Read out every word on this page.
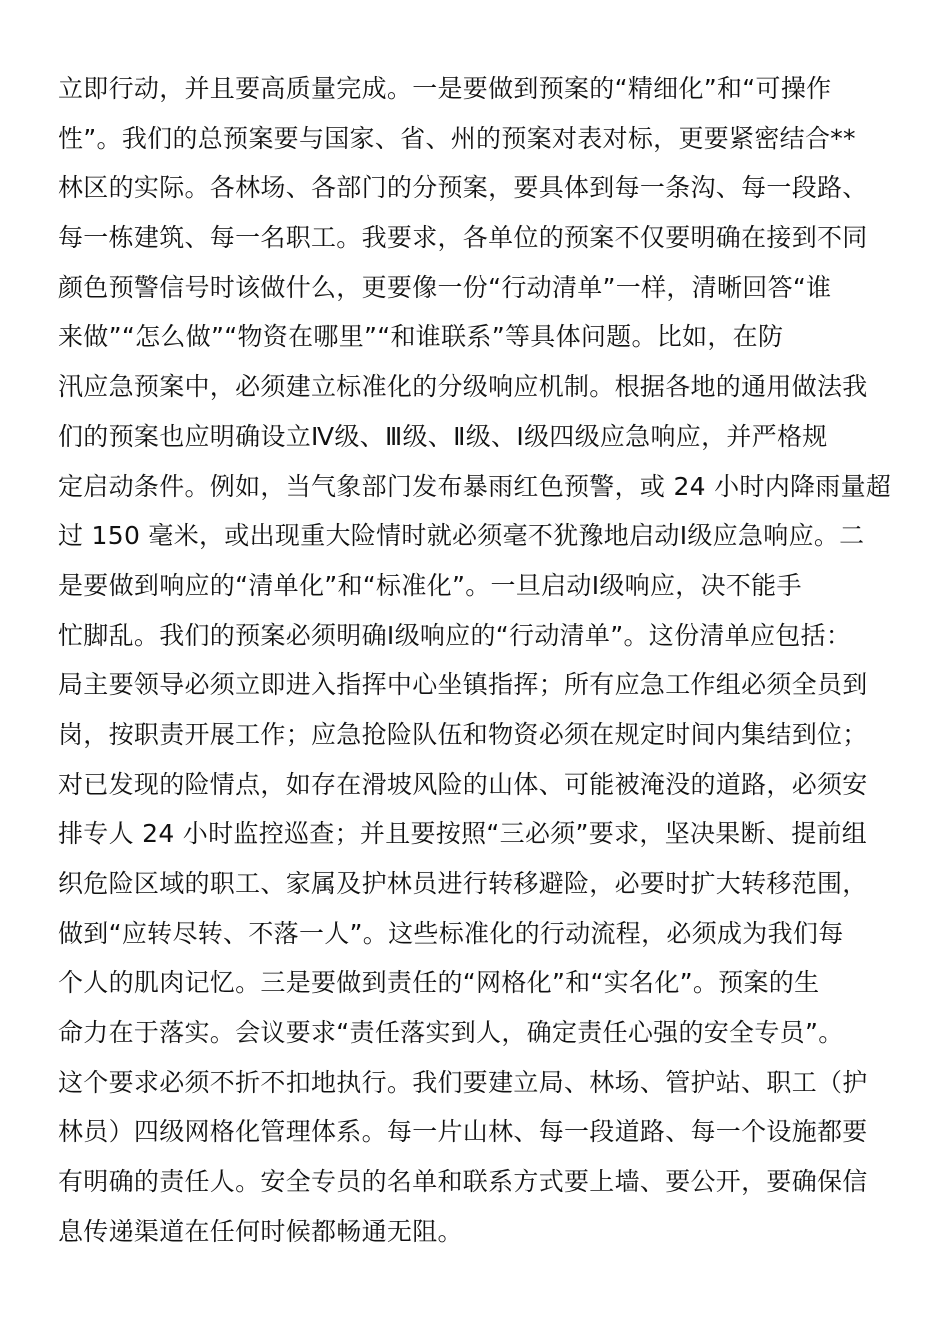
立即行动，并且要高质量完成。一是要做到预案的“精细化”和“可操作
性”。我们的总预案要与国家、省、州的预案对表对标，更要紧密结合**
林区的实际。各林场、各部门的分预案，要具体到每一条沟、每一段路、
每一栋建筑、每一名职工。我要求，各单位的预案不仅要明确在接到不同
颜色预警信号时该做什么，更要像一份“行动清单”一样，清晰回答“谁
来做”“怎么做”“物资在哪里”“和谁联系”等具体问题。比如，在防
汛应急预案中，必须建立标准化的分级响应机制。根据各地的通用做法我
们的预案也应明确设立Ⅳ级、Ⅲ级、Ⅱ级、Ⅰ级四级应急响应，并严格规
定启动条件。例如，当气象部门发布暴雨红色预警，或 24 小时内降雨量超
过 150 毫米，或出现重大险情时就必须毫不犹豫地启动Ⅰ级应急响应。二
是要做到响应的“清单化”和“标准化”。一旦启动Ⅰ级响应，决不能手
忙脚乱。我们的预案必须明确Ⅰ级响应的“行动清单”。这份清单应包括：
局主要领导必须立即进入指挥中心坐镇指挥；所有应急工作组必须全员到
岗，按职责开展工作；应急抢险队伍和物资必须在规定时间内集结到位；
对已发现的险情点，如存在滑坡风险的山体、可能被淹没的道路，必须安
排专人 24 小时监控巡查；并且要按照“三必须”要求，坚决果断、提前组
织危险区域的职工、家属及护林员进行转移避险，必要时扩大转移范围，
做到“应转尽转、不落一人”。这些标准化的行动流程，必须成为我们每
个人的肌肉记忆。三是要做到责任的“网格化”和“实名化”。预案的生
命力在于落实。会议要求“责任落实到人，确定责任心强的安全专员”。
这个要求必须不折不扣地执行。我们要建立局、林场、管护站、职工（护
林员）四级网格化管理体系。每一片山林、每一段道路、每一个设施都要
有明确的责任人。安全专员的名单和联系方式要上墙、要公开，要确保信
息传递渠道在任何时候都畅通无阻。
